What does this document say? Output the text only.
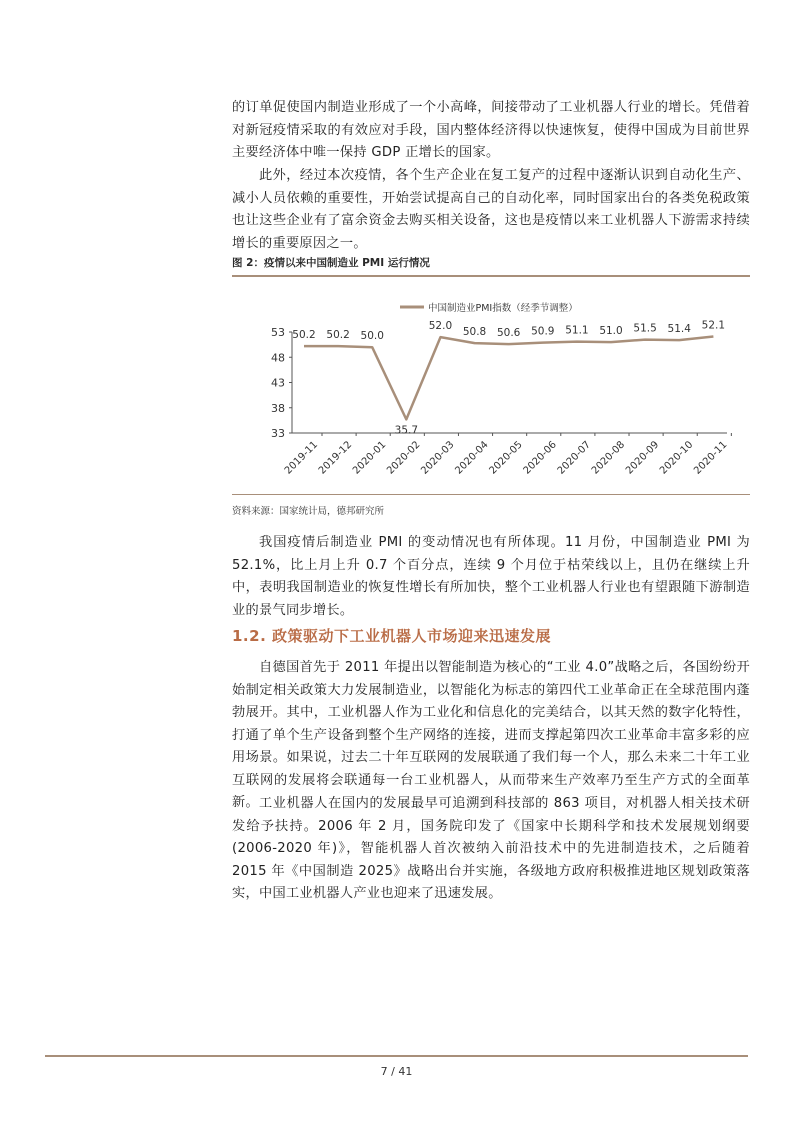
的订单促使国内制造业形成了一个小高峰，间接带动了工业机器人行业的增长。凭借着对新冠疫情采取的有效应对手段，国内整体经济得以快速恢复，使得中国成为目前世界主要经济体中唯一保持 GDP 正增长的国家。

此外，经过本次疫情，各个生产企业在复工复产的过程中逐渐认识到自动化生产、减小人员依赖的重要性，开始尝试提高自己的自动化率，同时国家出台的各类免税政策也让这些企业有了富余资金去购买相关设备，这也是疫情以来工业机器人下游需求持续增长的重要原因之一。

图 2：疫情以来中国制造业 PMI 运行情况
中国制造业PMI指数（经季节调整）
33
38
43
48
53
2019-11
2019-12
2020-01
2020-02
2020-03
2020-04
2020-05
2020-06
2020-07
2020-08
2020-09
2020-10
2020-11
50.2 50.2 50.0
35.7
52.0
50.8 50.6 50.9 51.1 51.0 51.5 51.4 52.1
资料来源：国家统计局，德邦研究所

我国疫情后制造业 PMI 的变动情况也有所体现。11 月份，中国制造业 PMI 为 52.1%，比上月上升 0.7 个百分点，连续 9 个月位于枯荣线以上，且仍在继续上升中，表明我国制造业的恢复性增长有所加快，整个工业机器人行业也有望跟随下游制造业的景气同步增长。

1.2. 政策驱动下工业机器人市场迎来迅速发展

自德国首先于 2011 年提出以智能制造为核心的“工业 4.0”战略之后，各国纷纷开始制定相关政策大力发展制造业，以智能化为标志的第四代工业革命正在全球范围内蓬勃展开。其中，工业机器人作为工业化和信息化的完美结合，以其天然的数字化特性，打通了单个生产设备到整个生产网络的连接，进而支撑起第四次工业革命丰富多彩的应用场景。如果说，过去二十年互联网的发展联通了我们每一个人，那么未来二十年工业互联网的发展将会联通每一台工业机器人，从而带来生产效率乃至生产方式的全面革新。 工业机器人在国内的发展最早可追溯到科技部的 863 项目，对机器人相关技术研发给予扶持。2006 年 2 月，国务院印发了《国家中长期科学和技术发展规划纲要(2006-2020 年)》，智能机器人首次被纳入前沿技术中的先进制造技术，之后随着 2015 年《中国制造 2025》战略出台并实施，各级地方政府积极推进地区规划政策落实，中国工业机器人产业也迎来了迅速发展。

7 / 41
